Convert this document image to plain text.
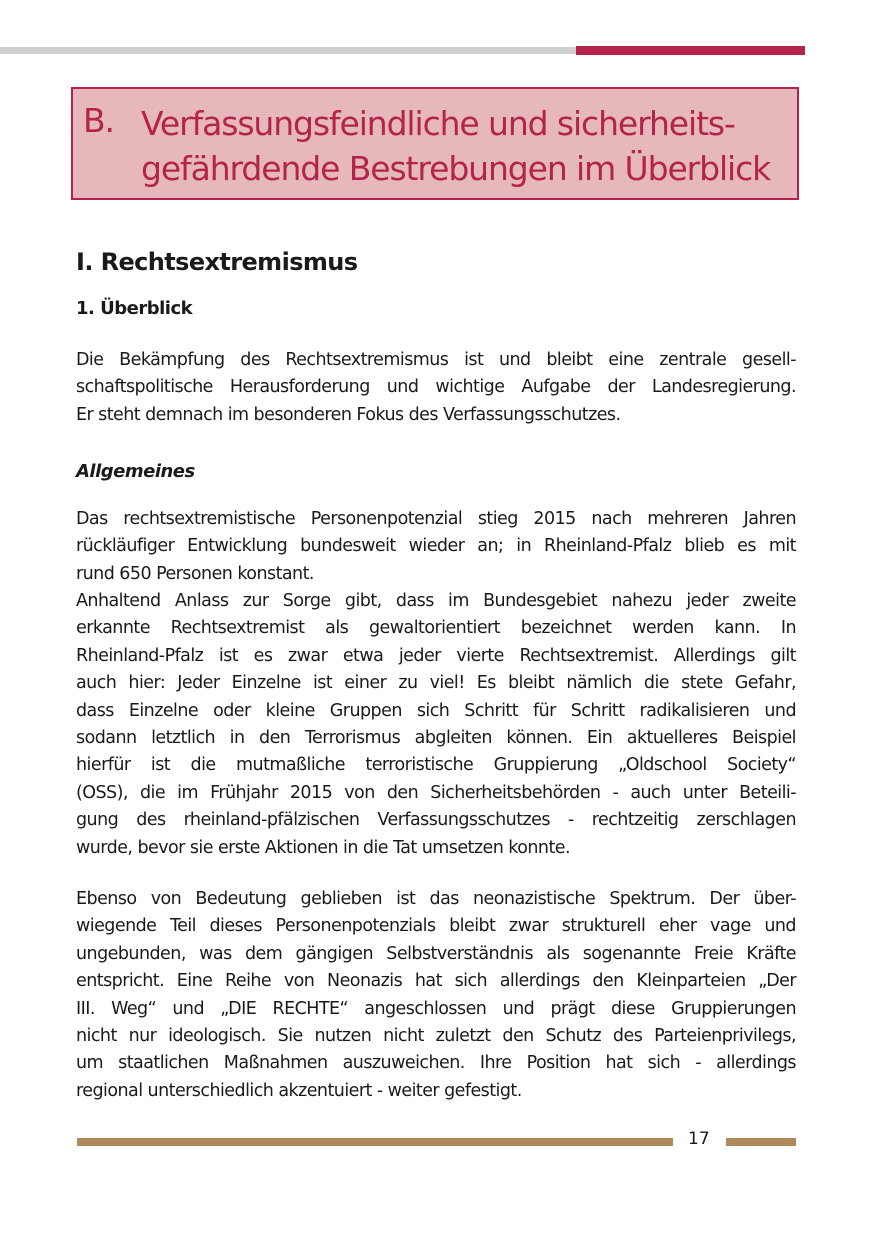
B. Verfassungsfeindliche und sicherheits-
gefährdende Bestrebungen im Überblick
I. Rechtsextremismus
1. Überblick
Die Bekämpfung des Rechtsextremismus ist und bleibt eine zentrale gesell-
schaftspolitische Herausforderung und wichtige Aufgabe der Landesregierung.
Er steht demnach im besonderen Fokus des Verfassungsschutzes.
Allgemeines
Das rechtsextremistische Personenpotenzial stieg 2015 nach mehreren Jahren
rückläufiger Entwicklung bundesweit wieder an; in Rheinland-Pfalz blieb es mit
rund 650 Personen konstant.
Anhaltend Anlass zur Sorge gibt, dass im Bundesgebiet nahezu jeder zweite
erkannte Rechtsextremist als gewaltorientiert bezeichnet werden kann. In
Rheinland-Pfalz ist es zwar etwa jeder vierte Rechtsextremist. Allerdings gilt
auch hier: Jeder Einzelne ist einer zu viel! Es bleibt nämlich die stete Gefahr,
dass Einzelne oder kleine Gruppen sich Schritt für Schritt radikalisieren und
sodann letztlich in den Terrorismus abgleiten können. Ein aktuelleres Beispiel
hierfür ist die mutmaßliche terroristische Gruppierung „Oldschool Society“
(OSS), die im Frühjahr 2015 von den Sicherheitsbehörden - auch unter Beteili-
gung des rheinland-pfälzischen Verfassungsschutzes - rechtzeitig zerschlagen
wurde, bevor sie erste Aktionen in die Tat umsetzen konnte.
Ebenso von Bedeutung geblieben ist das neonazistische Spektrum. Der über-
wiegende Teil dieses Personenpotenzials bleibt zwar strukturell eher vage und
ungebunden, was dem gängigen Selbstverständnis als sogenannte Freie Kräfte
entspricht. Eine Reihe von Neonazis hat sich allerdings den Kleinparteien „Der
III. Weg“ und „DIE RECHTE“ angeschlossen und prägt diese Gruppierungen
nicht nur ideologisch. Sie nutzen nicht zuletzt den Schutz des Parteienprivilegs,
um staatlichen Maßnahmen auszuweichen. Ihre Position hat sich - allerdings
regional unterschiedlich akzentuiert - weiter gefestigt.
17
